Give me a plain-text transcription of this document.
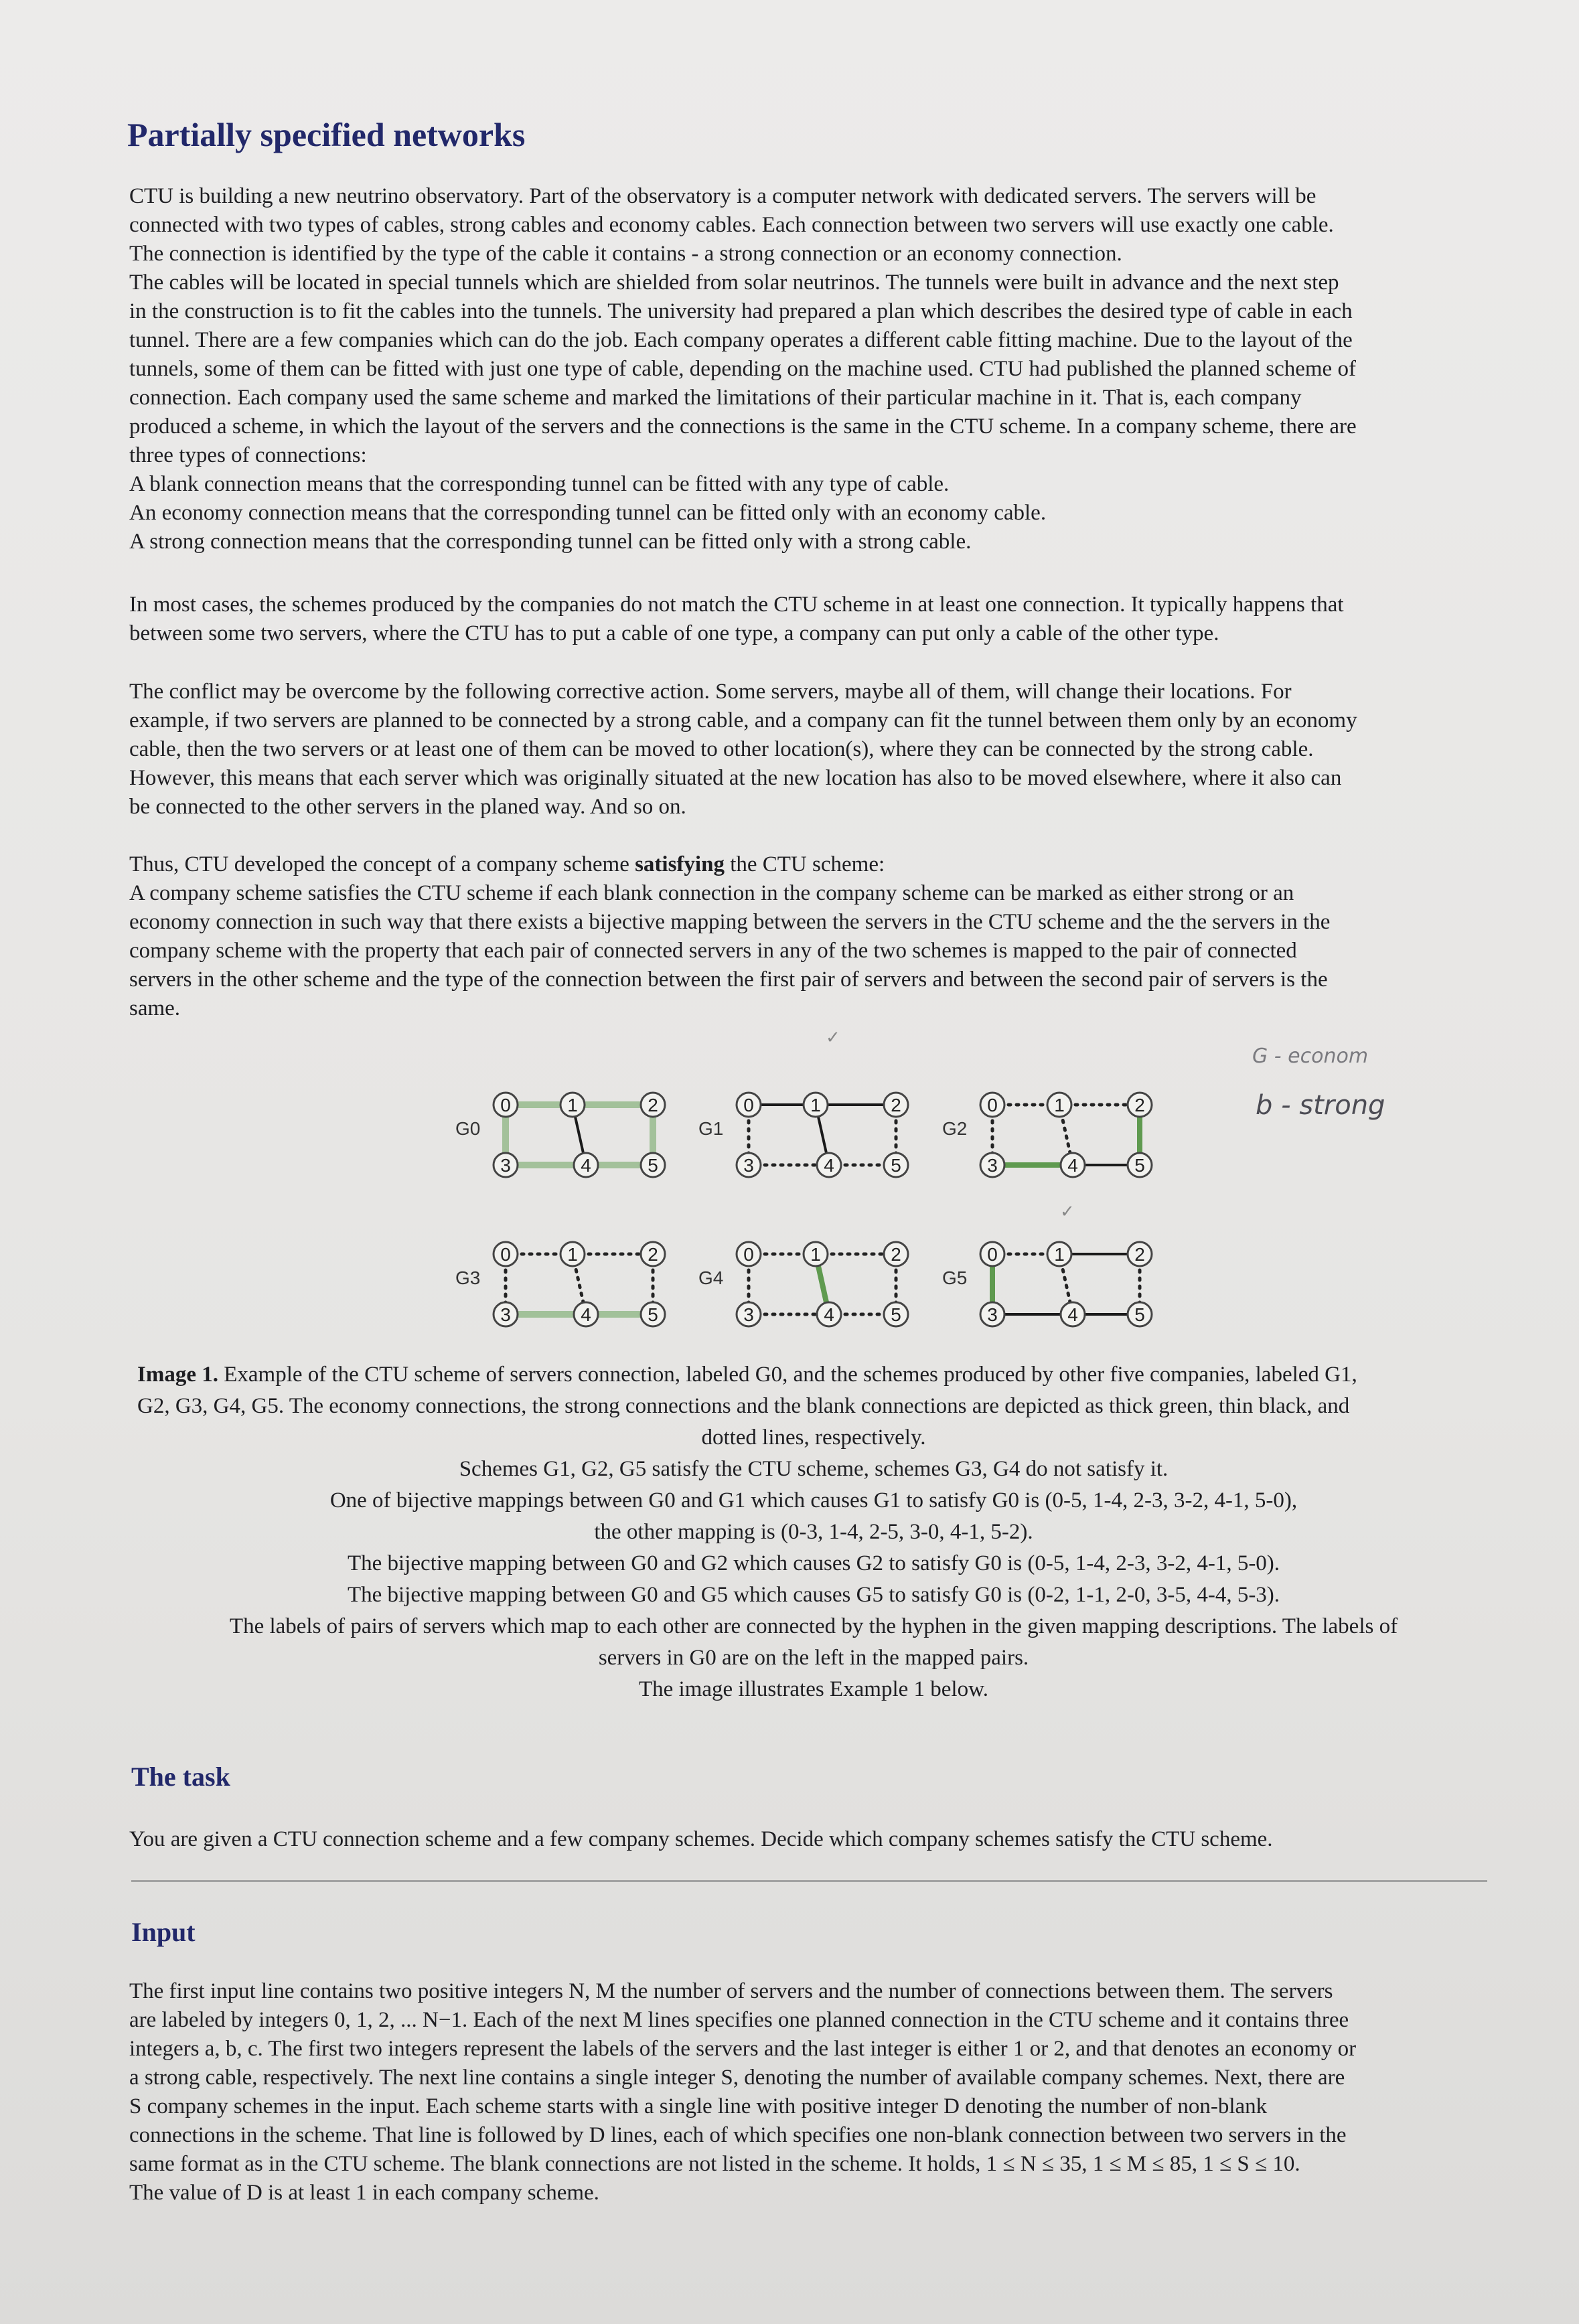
Partially specified networks
CTU is building a new neutrino observatory. Part of the observatory is a computer network with dedicated servers. The servers will be
connected with two types of cables, strong cables and economy cables. Each connection between two servers will use exactly one cable.
The connection is identified by the type of the cable it contains - a strong connection or an economy connection.
The cables will be located in special tunnels which are shielded from solar neutrinos. The tunnels were built in advance and the next step
in the construction is to fit the cables into the tunnels. The university had prepared a plan which describes the desired type of cable in each
tunnel. There are a few companies which can do the job. Each company operates a different cable fitting machine. Due to the layout of the
tunnels, some of them can be fitted with just one type of cable, depending on the machine used. CTU had published the planned scheme of
connection. Each company used the same scheme and marked the limitations of their particular machine in it. That is, each company
produced a scheme, in which the layout of the servers and the connections is the same in the CTU scheme. In a company scheme, there are
three types of connections:
A blank connection means that the corresponding tunnel can be fitted with any type of cable.
An economy connection means that the corresponding tunnel can be fitted only with an economy cable.
A strong connection means that the corresponding tunnel can be fitted only with a strong cable.
In most cases, the schemes produced by the companies do not match the CTU scheme in at least one connection. It typically happens that
between some two servers, where the CTU has to put a cable of one type, a company can put only a cable of the other type.
The conflict may be overcome by the following corrective action. Some servers, maybe all of them, will change their locations. For
example, if two servers are planned to be connected by a strong cable, and a company can fit the tunnel between them only by an economy
cable, then the two servers or at least one of them can be moved to other location(s), where they can be connected by the strong cable.
However, this means that each server which was originally situated at the new location has also to be moved elsewhere, where it also can
be connected to the other servers in the planed way. And so on.
Thus, CTU developed the concept of a company scheme satisfying the CTU scheme:
A company scheme satisfies the CTU scheme if each blank connection in the company scheme can be marked as either strong or an
economy connection in such way that there exists a bijective mapping between the servers in the CTU scheme and the the servers in the
company scheme with the property that each pair of connected servers in any of the two schemes is mapped to the pair of connected
servers in the other scheme and the type of the connection between the first pair of servers and between the second pair of servers is the
same.
G - econom
b - strong
✓
✓
G0
0	1	2
3	4	5
G1
0	1	2
3	4	5
G2
0	1	2
3	4	5
G3
0	1	2
3	4	5
G4
0	1	2
3	4	5
G5
0	1	2
3	4	5
Image 1. Example of the CTU scheme of servers connection, labeled G0, and the schemes produced by other five companies, labeled G1,
G2, G3, G4, G5. The economy connections, the strong connections and the blank connections are depicted as thick green, thin black, and
dotted lines, respectively.
Schemes G1, G2, G5 satisfy the CTU scheme, schemes G3, G4 do not satisfy it.
One of bijective mappings between G0 and G1 which causes G1 to satisfy G0 is (0-5, 1-4, 2-3, 3-2, 4-1, 5-0),
the other mapping is (0-3, 1-4, 2-5, 3-0, 4-1, 5-2).
The bijective mapping between G0 and G2 which causes G2 to satisfy G0 is (0-5, 1-4, 2-3, 3-2, 4-1, 5-0).
The bijective mapping between G0 and G5 which causes G5 to satisfy G0 is (0-2, 1-1, 2-0, 3-5, 4-4, 5-3).
The labels of pairs of servers which map to each other are connected by the hyphen in the given mapping descriptions. The labels of
servers in G0 are on the left in the mapped pairs.
The image illustrates Example 1 below.
The task
You are given a CTU connection scheme and a few company schemes. Decide which company schemes satisfy the CTU scheme.
Input
The first input line contains two positive integers N, M the number of servers and the number of connections between them. The servers
are labeled by integers 0, 1, 2, ... N−1. Each of the next M lines specifies one planned connection in the CTU scheme and it contains three
integers a, b, c. The first two integers represent the labels of the servers and the last integer is either 1 or 2, and that denotes an economy or
a strong cable, respectively. The next line contains a single integer S, denoting the number of available company schemes. Next, there are
S company schemes in the input. Each scheme starts with a single line with positive integer D denoting the number of non-blank
connections in the scheme. That line is followed by D lines, each of which specifies one non-blank connection between two servers in the
same format as in the CTU scheme. The blank connections are not listed in the scheme. It holds, 1 ≤ N ≤ 35, 1 ≤ M ≤ 85, 1 ≤ S ≤ 10.
The value of D is at least 1 in each company scheme.
